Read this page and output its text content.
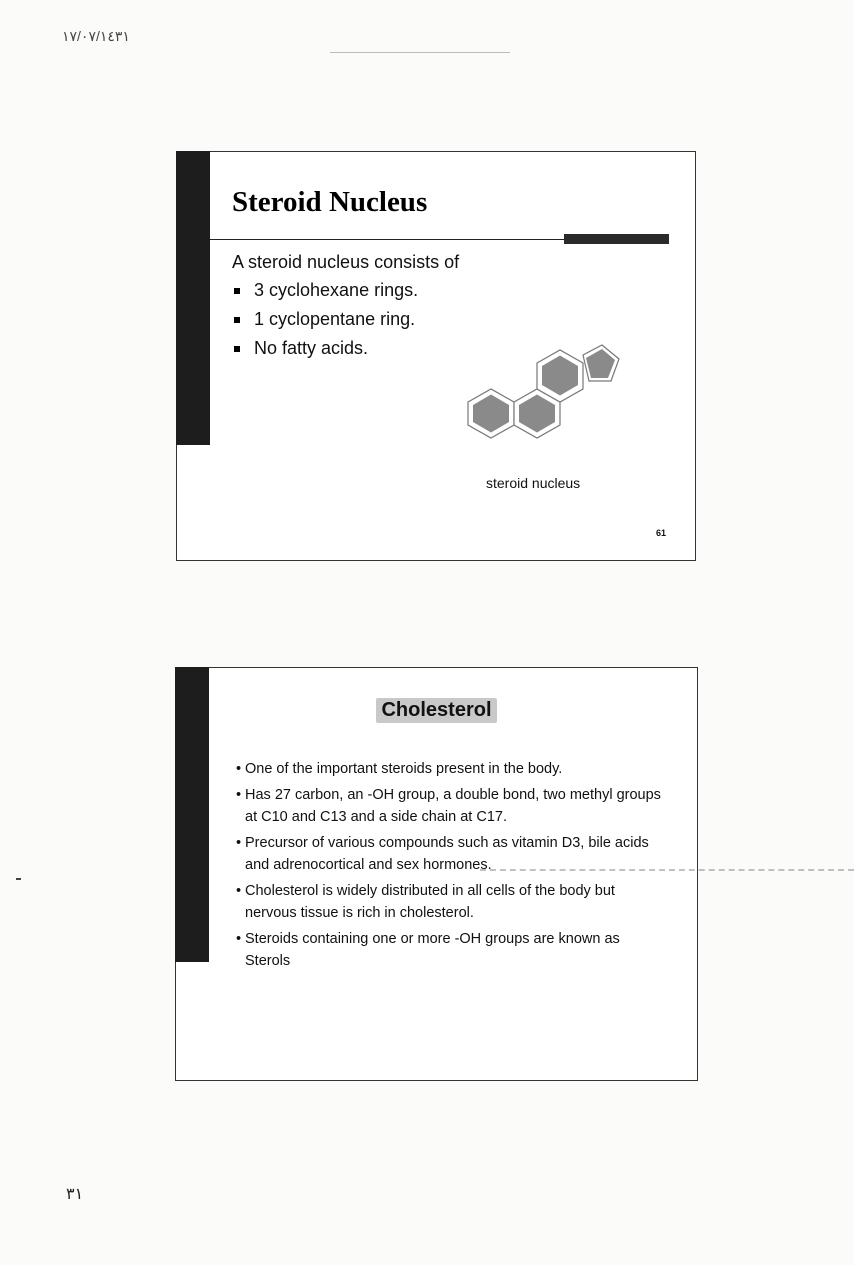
١٧/٠٧/١٤٣١
Steroid Nucleus
A steroid nucleus consists of
3 cyclohexane rings.
1 cyclopentane ring.
No fatty acids.
steroid nucleus
61
Cholesterol
• One of the important steroids present in the body.
• Has 27 carbon, an -OH group, a double bond, two methyl groups at C10 and C13 and a side chain at C17.
• Precursor of various compounds such as vitamin D3, bile acids and adrenocortical and sex hormones.
• Cholesterol is widely distributed in all cells of the body but nervous tissue is rich in cholesterol.
• Steroids containing one or more -OH groups are known as Sterols
٣١
